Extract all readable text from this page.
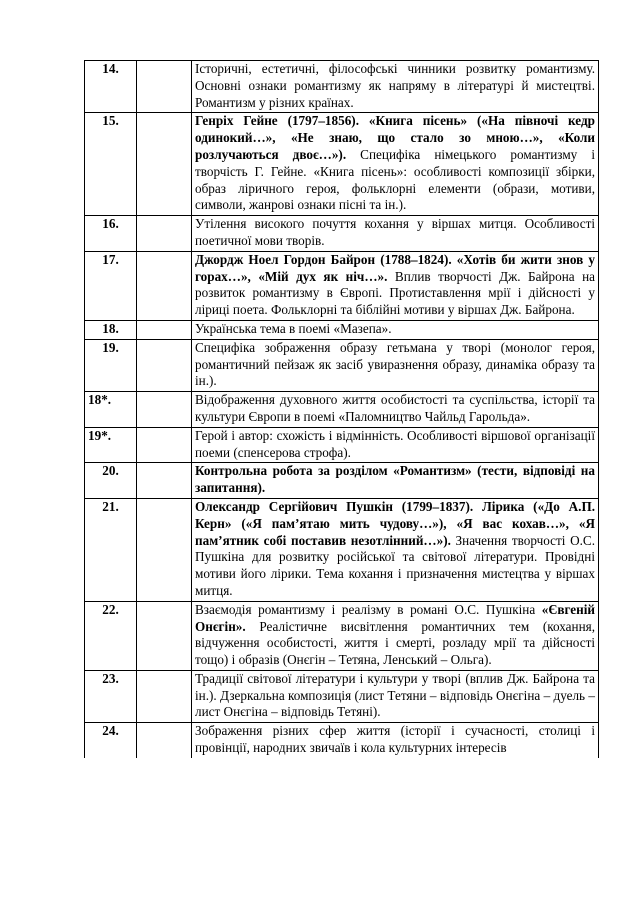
14.		Історичні, естетичні, філософські чинники розвитку романтизму. Основні ознаки романтизму як напряму в літературі й мистецтві. Романтизм у різних країнах.
15.		Генріх Гейне (1797–1856). «Книга пісень» («На півночі кедр одинокий…», «Не знаю, що стало зо мною…», «Коли розлучаються двоє…»). Специфіка німецького романтизму і творчість Г. Гейне. «Книга пісень»: особливості композиції збірки, образ ліричного героя, фольклорні елементи (образи, мотиви, символи, жанрові ознаки пісні та ін.).
16.		Утілення високого почуття кохання у віршах митця. Особливості поетичної мови творів.
17.		Джордж Ноел Гордон Байрон (1788–1824). «Хотів би жити знов у горах…», «Мій дух як ніч…». Вплив творчості Дж. Байрона на розвиток романтизму в Європі. Протиставлення мрії і дійсності у ліриці поета. Фольклорні та біблійні мотиви у віршах Дж. Байрона.
18.		Українська тема в поемі «Мазепа».
19.		Специфіка зображення образу гетьмана у творі (монолог героя, романтичний пейзаж як засіб увиразнення образу, динаміка образу та ін.).
18*.		Відображення духовного життя особистості та суспільства, історії та культури Європи в поемі «Паломництво Чайльд Гарольда».
19*.		Герой і автор: схожість і відмінність. Особливості віршової організації поеми (спенсерова строфа).
20.		Контрольна робота за розділом «Романтизм» (тести, відповіді на запитання).
21.		Олександр Сергійович Пушкін (1799–1837). Лірика («До А.П. Керн» («Я пам’ятаю мить чудову…»), «Я вас кохав…», «Я пам’ятник собі поставив незотлінний…»). Значення творчості О.С. Пушкіна для розвитку російської та світової літератури. Провідні мотиви його лірики. Тема кохання і призначення мистецтва у віршах митця.
22.		Взаємодія романтизму і реалізму в романі О.С. Пушкіна «Євгеній Онєгін». Реалістичне висвітлення романтичних тем (кохання, відчуження особистості, життя і смерті, розладу мрії та дійсності тощо) і образів (Онєгін – Тетяна, Ленський – Ольга).
23.		Традиції світової літератури і культури у творі (вплив Дж. Байрона та ін.). Дзеркальна композиція (лист Тетяни – відповідь Онєгіна – дуель – лист Онєгіна – відповідь Тетяні).
24.		Зображення різних сфер життя (історії і сучасності, столиці і провінції, народних звичаїв і кола культурних інтересів
